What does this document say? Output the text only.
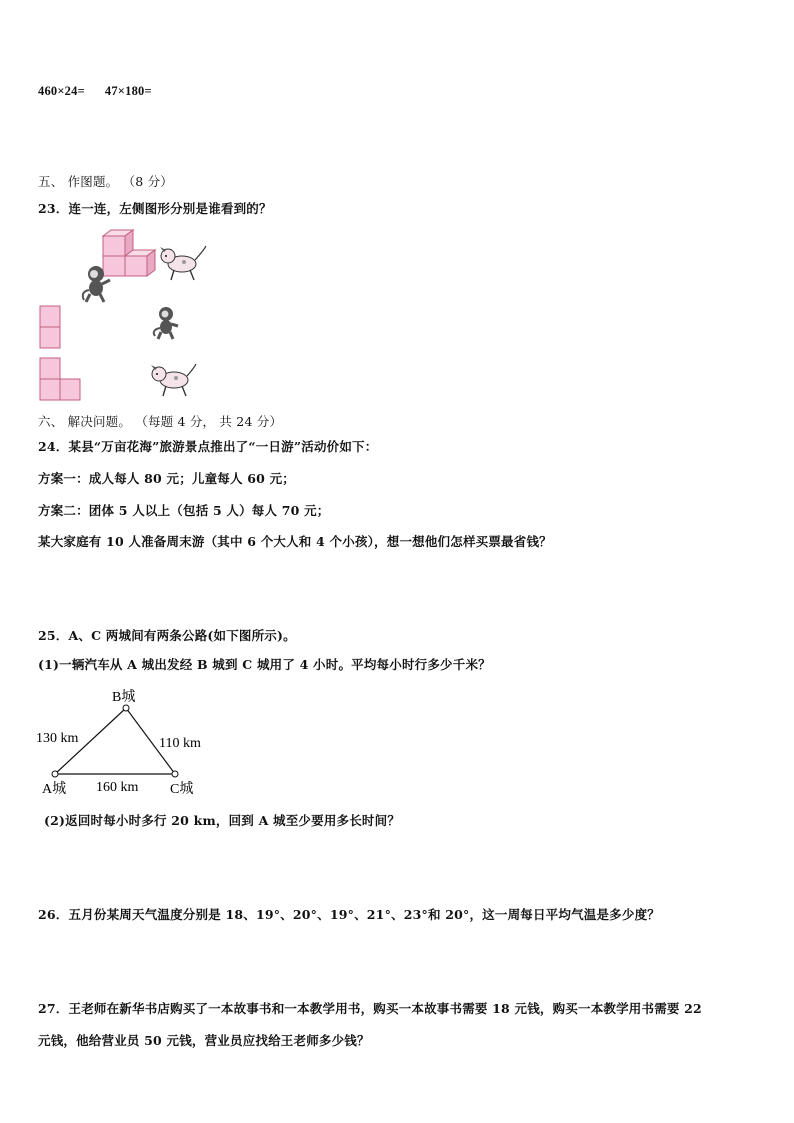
460×24= 47×180=
五、 作图题。 （8 分）
23．连一连，左侧图形分别是谁看到的？
六、 解决问题。 （每题 4 分， 共 24 分）
24．某县“万亩花海”旅游景点推出了“一日游”活动价如下：
方案一：成人每人 80 元；儿童每人 60 元；
方案二：团体 5 人以上（包括 5 人）每人 70 元；
某大家庭有 10 人准备周末游（其中 6 个大人和 4 个小孩），想一想他们怎样买票最省钱？
25．A、C 两城间有两条公路(如下图所示)。
(1)一辆汽车从 A 城出发经 B 城到 C 城用了 4 小时。平均每小时行多少千米？
B城
A城	C城
130 km	110 km
160 km
(2)返回时每小时多行 20 km，回到 A 城至少要用多长时间？
26．五月份某周天气温度分别是 18、19°、20°、19°、21°、23°和 20°，这一周每日平均气温是多少度？
27．王老师在新华书店购买了一本故事书和一本教学用书，购买一本故事书需要 18 元钱，购买一本教学用书需要 22
元钱，他给营业员 50 元钱，营业员应找给王老师多少钱？
